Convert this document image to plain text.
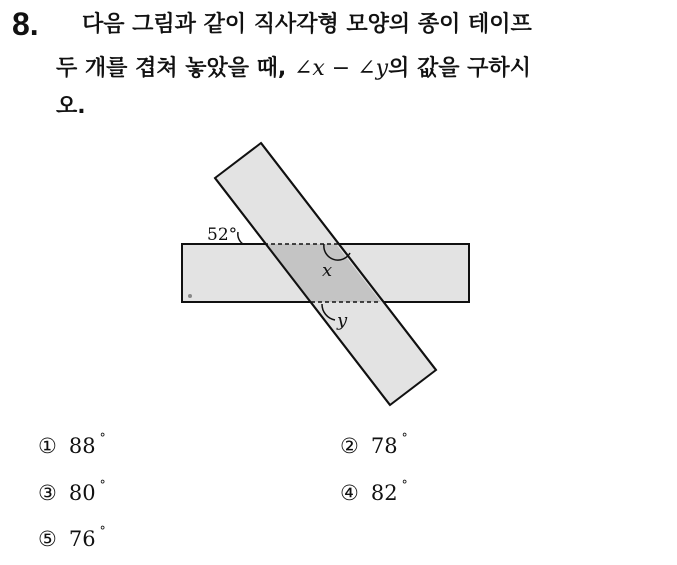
8. 다음 그림과 같이 직사각형 모양의 종이 테이프
두 개를 겹쳐 놓았을 때, ∠x − ∠y의 값을 구하시
오.
52°
x
y
① 88 °	② 78 °
③ 80 °	④ 82 °
⑤ 76 °
